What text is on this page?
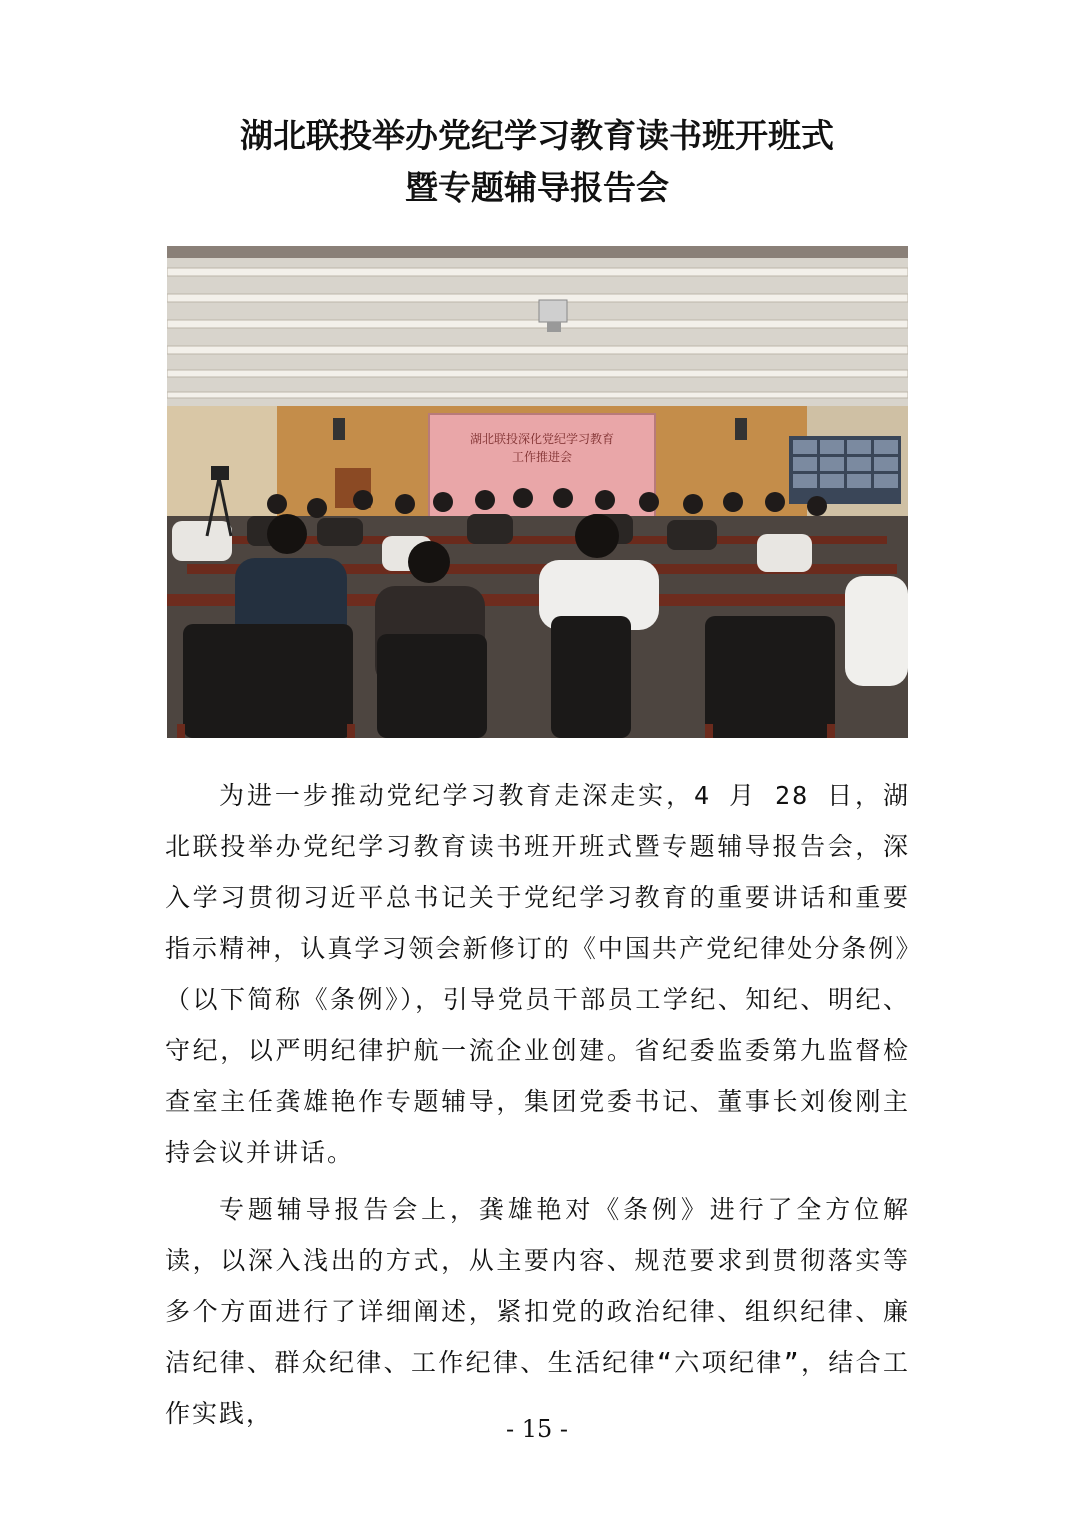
湖北联投举办党纪学习教育读书班开班式
暨专题辅导报告会
湖北联投深化党纪学习教育
工作推进会

为进一步推动党纪学习教育走深走实，4 月 28 日，湖北联投举办党纪学习教育读书班开班式暨专题辅导报告会，深入学习贯彻习近平总书记关于党纪学习教育的重要讲话和重要指示精神，认真学习领会新修订的《中国共产党纪律处分条例》（以下简称《条例》），引导党员干部员工学纪、知纪、明纪、守纪，以严明纪律护航一流企业创建。省纪委监委第九监督检查室主任龚雄艳作专题辅导，集团党委书记、董事长刘俊刚主持会议并讲话。

专题辅导报告会上，龚雄艳对《条例》进行了全方位解读，以深入浅出的方式，从主要内容、规范要求到贯彻落实等多个方面进行了详细阐述，紧扣党的政治纪律、组织纪律、廉洁纪律、群众纪律、工作纪律、生活纪律“六项纪律”，结合工作实践，

- 15 -
